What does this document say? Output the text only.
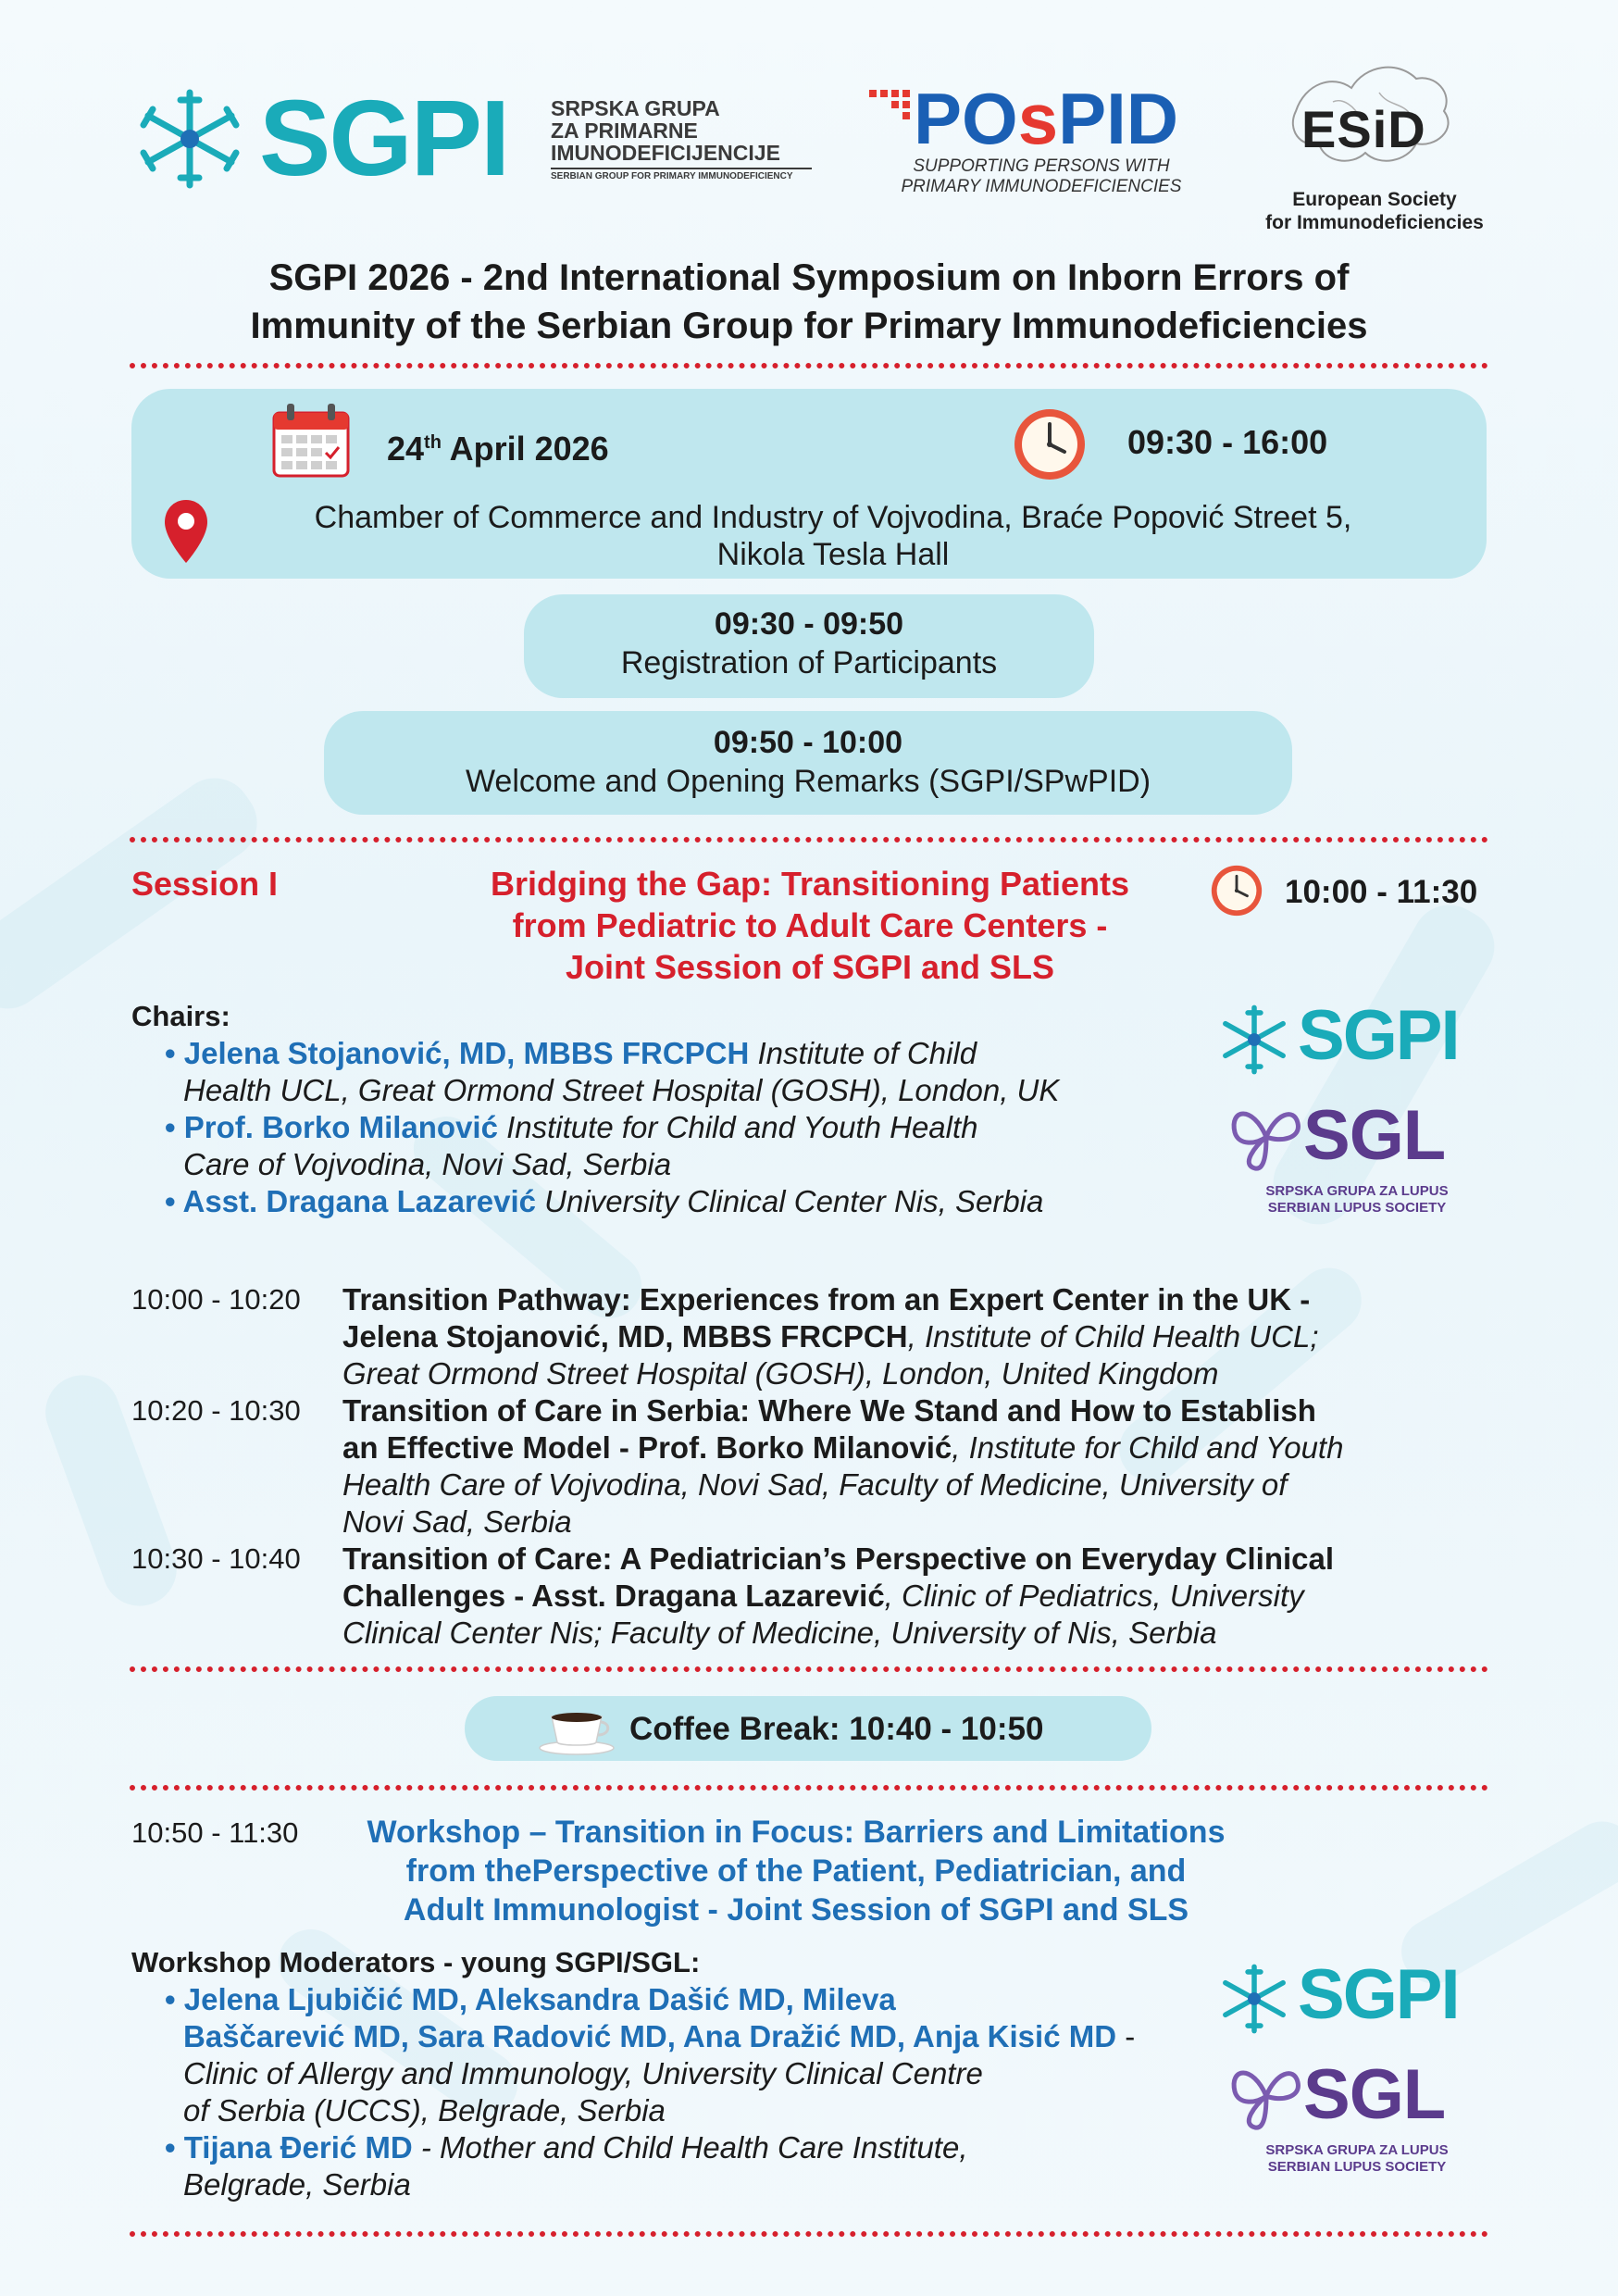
SGPI SRPSKA GRUPA
ZA PRIMARNE
IMUNODEFICIJENCIJE
SERBIAN GROUP FOR PRIMARY IMMUNODEFICIENCY
POsPID
SUPPORTING PERSONS WITH
PRIMARY IMMUNODEFICIENCIES
ESiD
European Society
for Immunodeficiencies
SGPI 2026 - 2nd International Symposium on Inborn Errors of
Immunity of the Serbian Group for Primary Immunodeficiencies
24th April 2026	09:30 - 16:00
Chamber of Commerce and Industry of Vojvodina, Braće Popović Street 5,
Nikola Tesla Hall
09:30 - 09:50
Registration of Participants
09:50 - 10:00
Welcome and Opening Remarks (SGPI/SPwPID)
Session I	Bridging the Gap: Transitioning Patients
from Pediatric to Adult Care Centers -
Joint Session of SGPI and SLS
10:00 - 11:30
Chairs:
• Jelena Stojanović, MD, MBBS FRCPCH Institute of Child
Health UCL, Great Ormond Street Hospital (GOSH), London, UK
• Prof. Borko Milanović Institute for Child and Youth Health
Care of Vojvodina, Novi Sad, Serbia
• Asst. Dragana Lazarević University Clinical Center Nis, Serbia
SGPI
SGL
SRPSKA GRUPA ZA LUPUS
SERBIAN LUPUS SOCIETY
10:00 - 10:20 Transition Pathway: Experiences from an Expert Center in the UK -
Jelena Stojanović, MD, MBBS FRCPCH, Institute of Child Health UCL;
Great Ormond Street Hospital (GOSH), London, United Kingdom
10:20 - 10:30 Transition of Care in Serbia: Where We Stand and How to Establish
an Effective Model - Prof. Borko Milanović, Institute for Child and Youth
Health Care of Vojvodina, Novi Sad, Faculty of Medicine, University of
Novi Sad, Serbia
10:30 - 10:40 Transition of Care: A Pediatrician’s Perspective on Everyday Clinical
Challenges - Asst. Dragana Lazarević, Clinic of Pediatrics, University
Clinical Center Nis; Faculty of Medicine, University of Nis, Serbia
Coffee Break: 10:40 - 10:50
10:50 - 11:30	Workshop – Transition in Focus: Barriers and Limitations
from thePerspective of the Patient, Pediatrician, and
Adult Immunologist - Joint Session of SGPI and SLS
Workshop Moderators - young SGPI/SGL:
• Jelena Ljubičić MD, Aleksandra Dašić MD, Mileva
Baščarević MD, Sara Radović MD, Ana Dražić MD, Anja Kisić MD -
Clinic of Allergy and Immunology, University Clinical Centre
of Serbia (UCCS), Belgrade, Serbia
• Tijana Đerić MD - Mother and Child Health Care Institute,
Belgrade, Serbia
SGPI
SGL
SRPSKA GRUPA ZA LUPUS
SERBIAN LUPUS SOCIETY
